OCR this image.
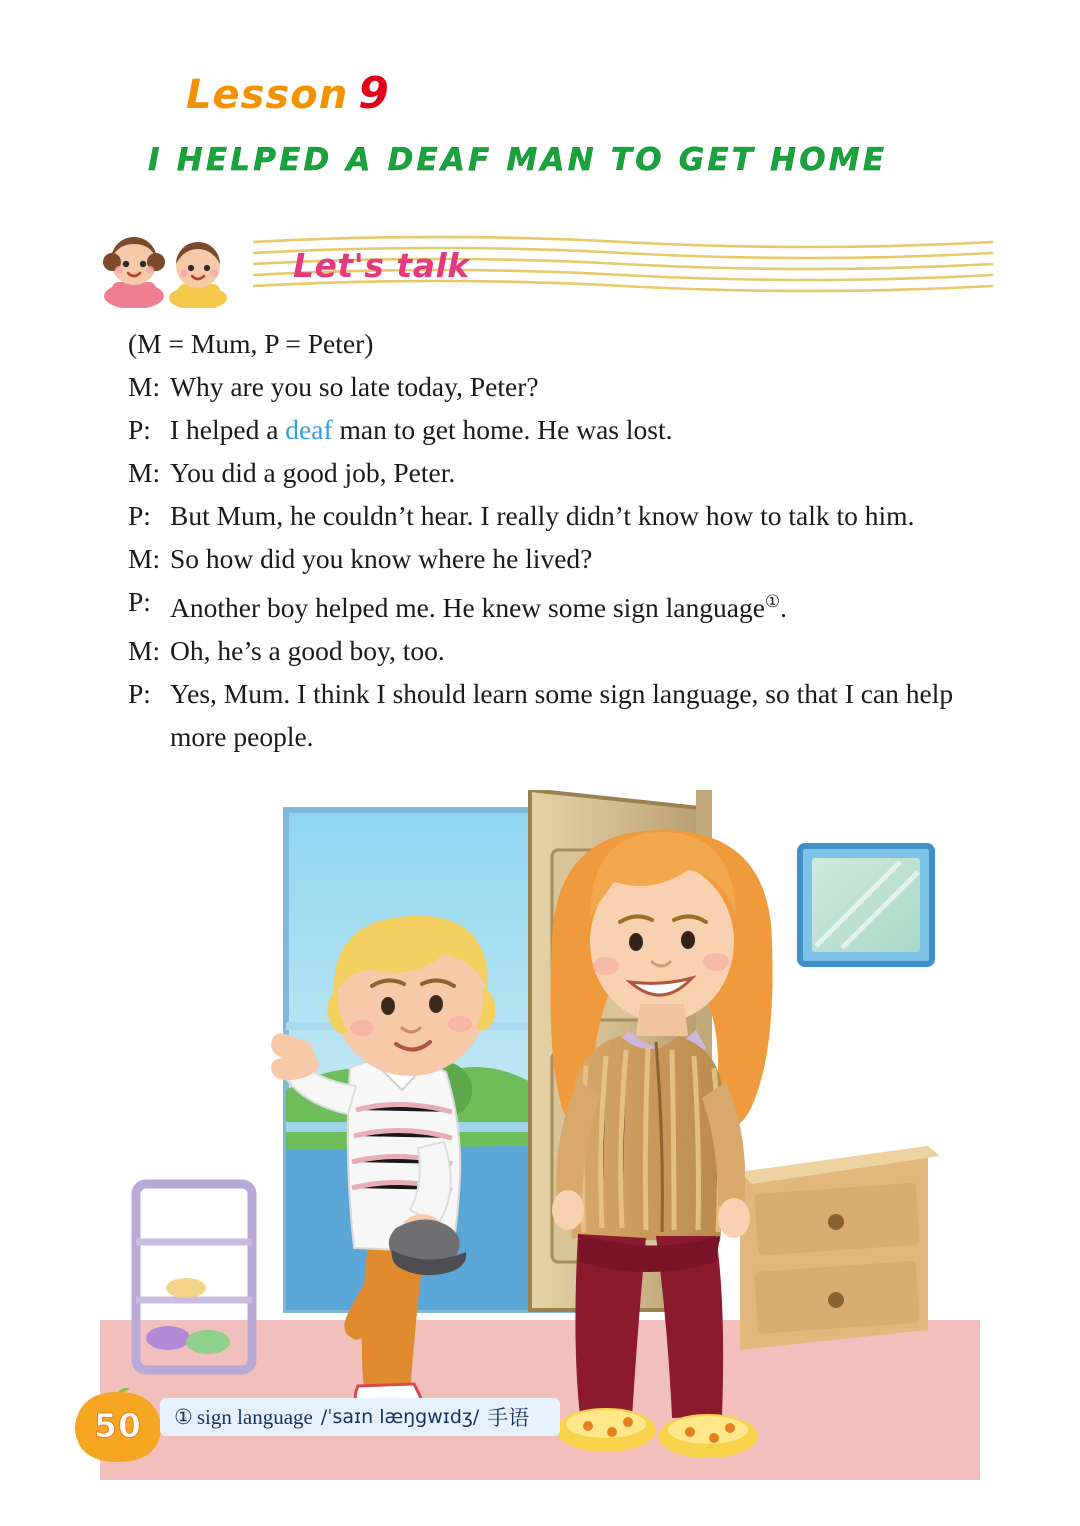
Lesson 9
I HELPED A DEAF MAN TO GET HOME
Let's talk
(M = Mum, P = Peter)
M: Why are you so late today, Peter?
P: I helped a deaf man to get home. He was lost.
M: You did a good job, Peter.
P: But Mum, he couldn’t hear. I really didn’t know how to talk to him.
M: So how did you know where he lived?
P: Another boy helped me. He knew some sign language①.
M: Oh, he’s a good boy, too.
P: Yes, Mum. I think I should learn some sign language, so that I can help more people.
50	① sign language /ˈsaɪn læŋgwɪdʒ/ 手语
